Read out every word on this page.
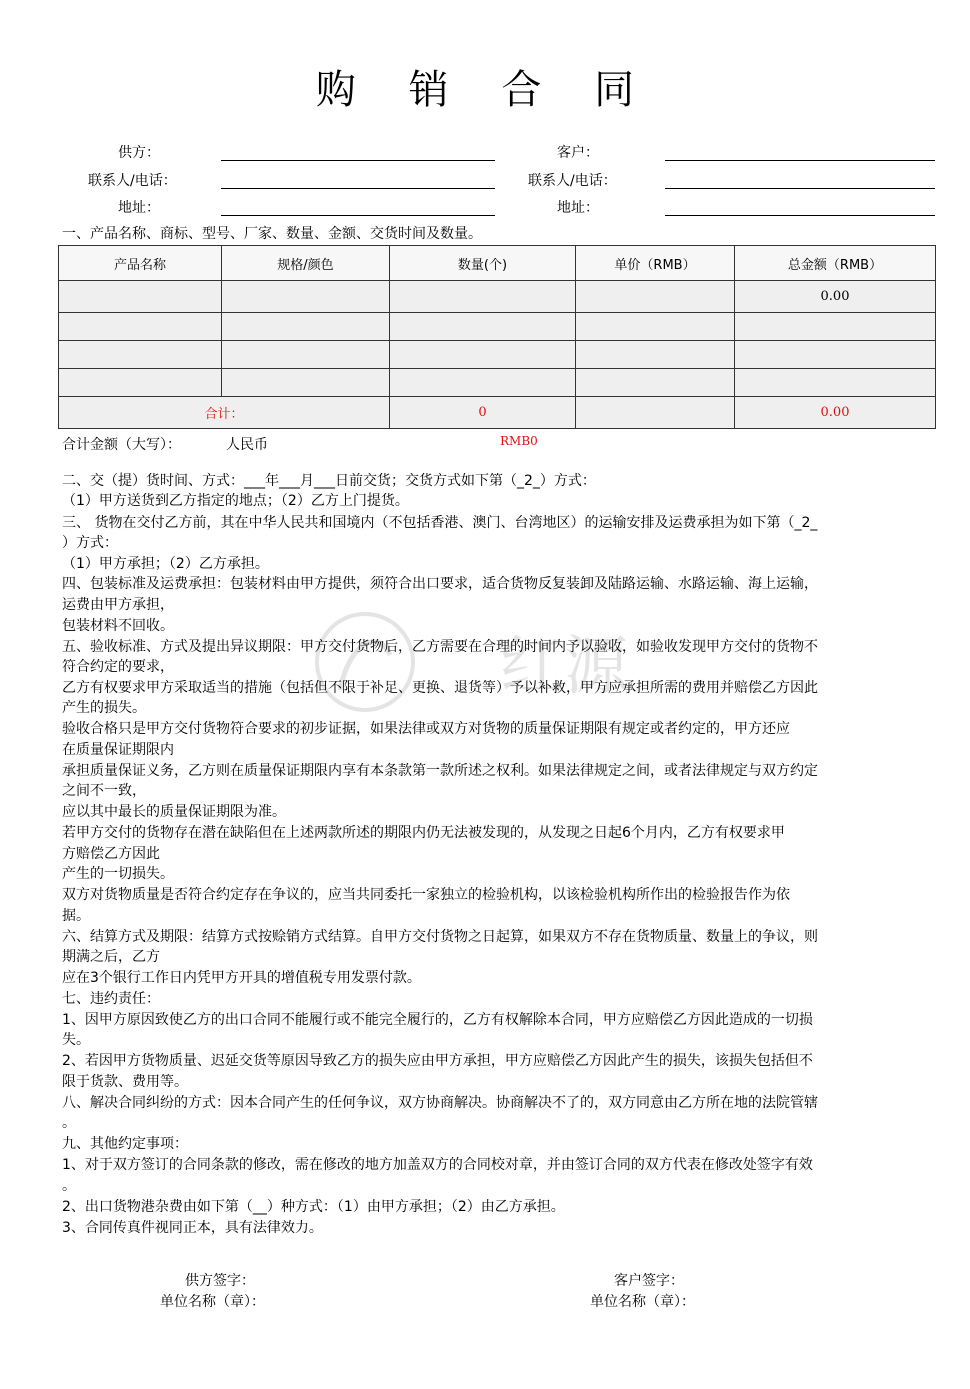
购 销 合 同
供方：
联系人/电话：
地址：
客户：
联系人/电话：
地址：
一、产品名称、商标、型号、厂家、数量、金额、交货时间及数量。
产品名称	规格/颜色	数量(个)	单价（RMB）	总金额（RMB）
				0.00

合计：		0		0.00
合计金额（大写）：	人民币	RMB0
红源
二、交（提）货时间、方式：___年___月___日前交货；交货方式如下第（_2_）方式：
（1）甲方送货到乙方指定的地点；（2）乙方上门提货。
三、 货物在交付乙方前，其在中华人民共和国境内（不包括香港、澳门、台湾地区）的运输安排及运费承担为如下第（_2_
）方式：
（1）甲方承担；（2）乙方承担。
四、包装标准及运费承担：包装材料由甲方提供，须符合出口要求，适合货物反复装卸及陆路运输、水路运输、海上运输，
运费由甲方承担，
包装材料不回收。
五、验收标准、方式及提出异议期限：甲方交付货物后，乙方需要在合理的时间内予以验收，如验收发现甲方交付的货物不
符合约定的要求，
乙方有权要求甲方采取适当的措施（包括但不限于补足、更换、退货等）予以补救，甲方应承担所需的费用并赔偿乙方因此
产生的损失。
验收合格只是甲方交付货物符合要求的初步证据，如果法律或双方对货物的质量保证期限有规定或者约定的，甲方还应
在质量保证期限内
承担质量保证义务，乙方则在质量保证期限内享有本条款第一款所述之权利。如果法律规定之间，或者法律规定与双方约定
之间不一致，
应以其中最长的质量保证期限为准。
若甲方交付的货物存在潜在缺陷但在上述两款所述的期限内仍无法被发现的，从发现之日起6个月内，乙方有权要求甲
方赔偿乙方因此
产生的一切损失。
双方对货物质量是否符合约定存在争议的，应当共同委托一家独立的检验机构，以该检验机构所作出的检验报告作为依
据。
六、结算方式及期限：结算方式按赊销方式结算。自甲方交付货物之日起算，如果双方不存在货物质量、数量上的争议，则
期满之后，乙方
应在3个银行工作日内凭甲方开具的增值税专用发票付款。
七、违约责任：
1、因甲方原因致使乙方的出口合同不能履行或不能完全履行的，乙方有权解除本合同，甲方应赔偿乙方因此造成的一切损
失。
2、若因甲方货物质量、迟延交货等原因导致乙方的损失应由甲方承担，甲方应赔偿乙方因此产生的损失，该损失包括但不
限于货款、费用等。
八、解决合同纠纷的方式：因本合同产生的任何争议，双方协商解决。协商解决不了的，双方同意由乙方所在地的法院管辖
。
九、其他约定事项：
1、对于双方签订的合同条款的修改，需在修改的地方加盖双方的合同校对章，并由签订合同的双方代表在修改处签字有效
。
2、出口货物港杂费由如下第（__）种方式：（1）由甲方承担；（2）由乙方承担。
3、合同传真件视同正本，具有法律效力。
供方签字：
单位名称（章）：
客户签字：
单位名称（章）：
